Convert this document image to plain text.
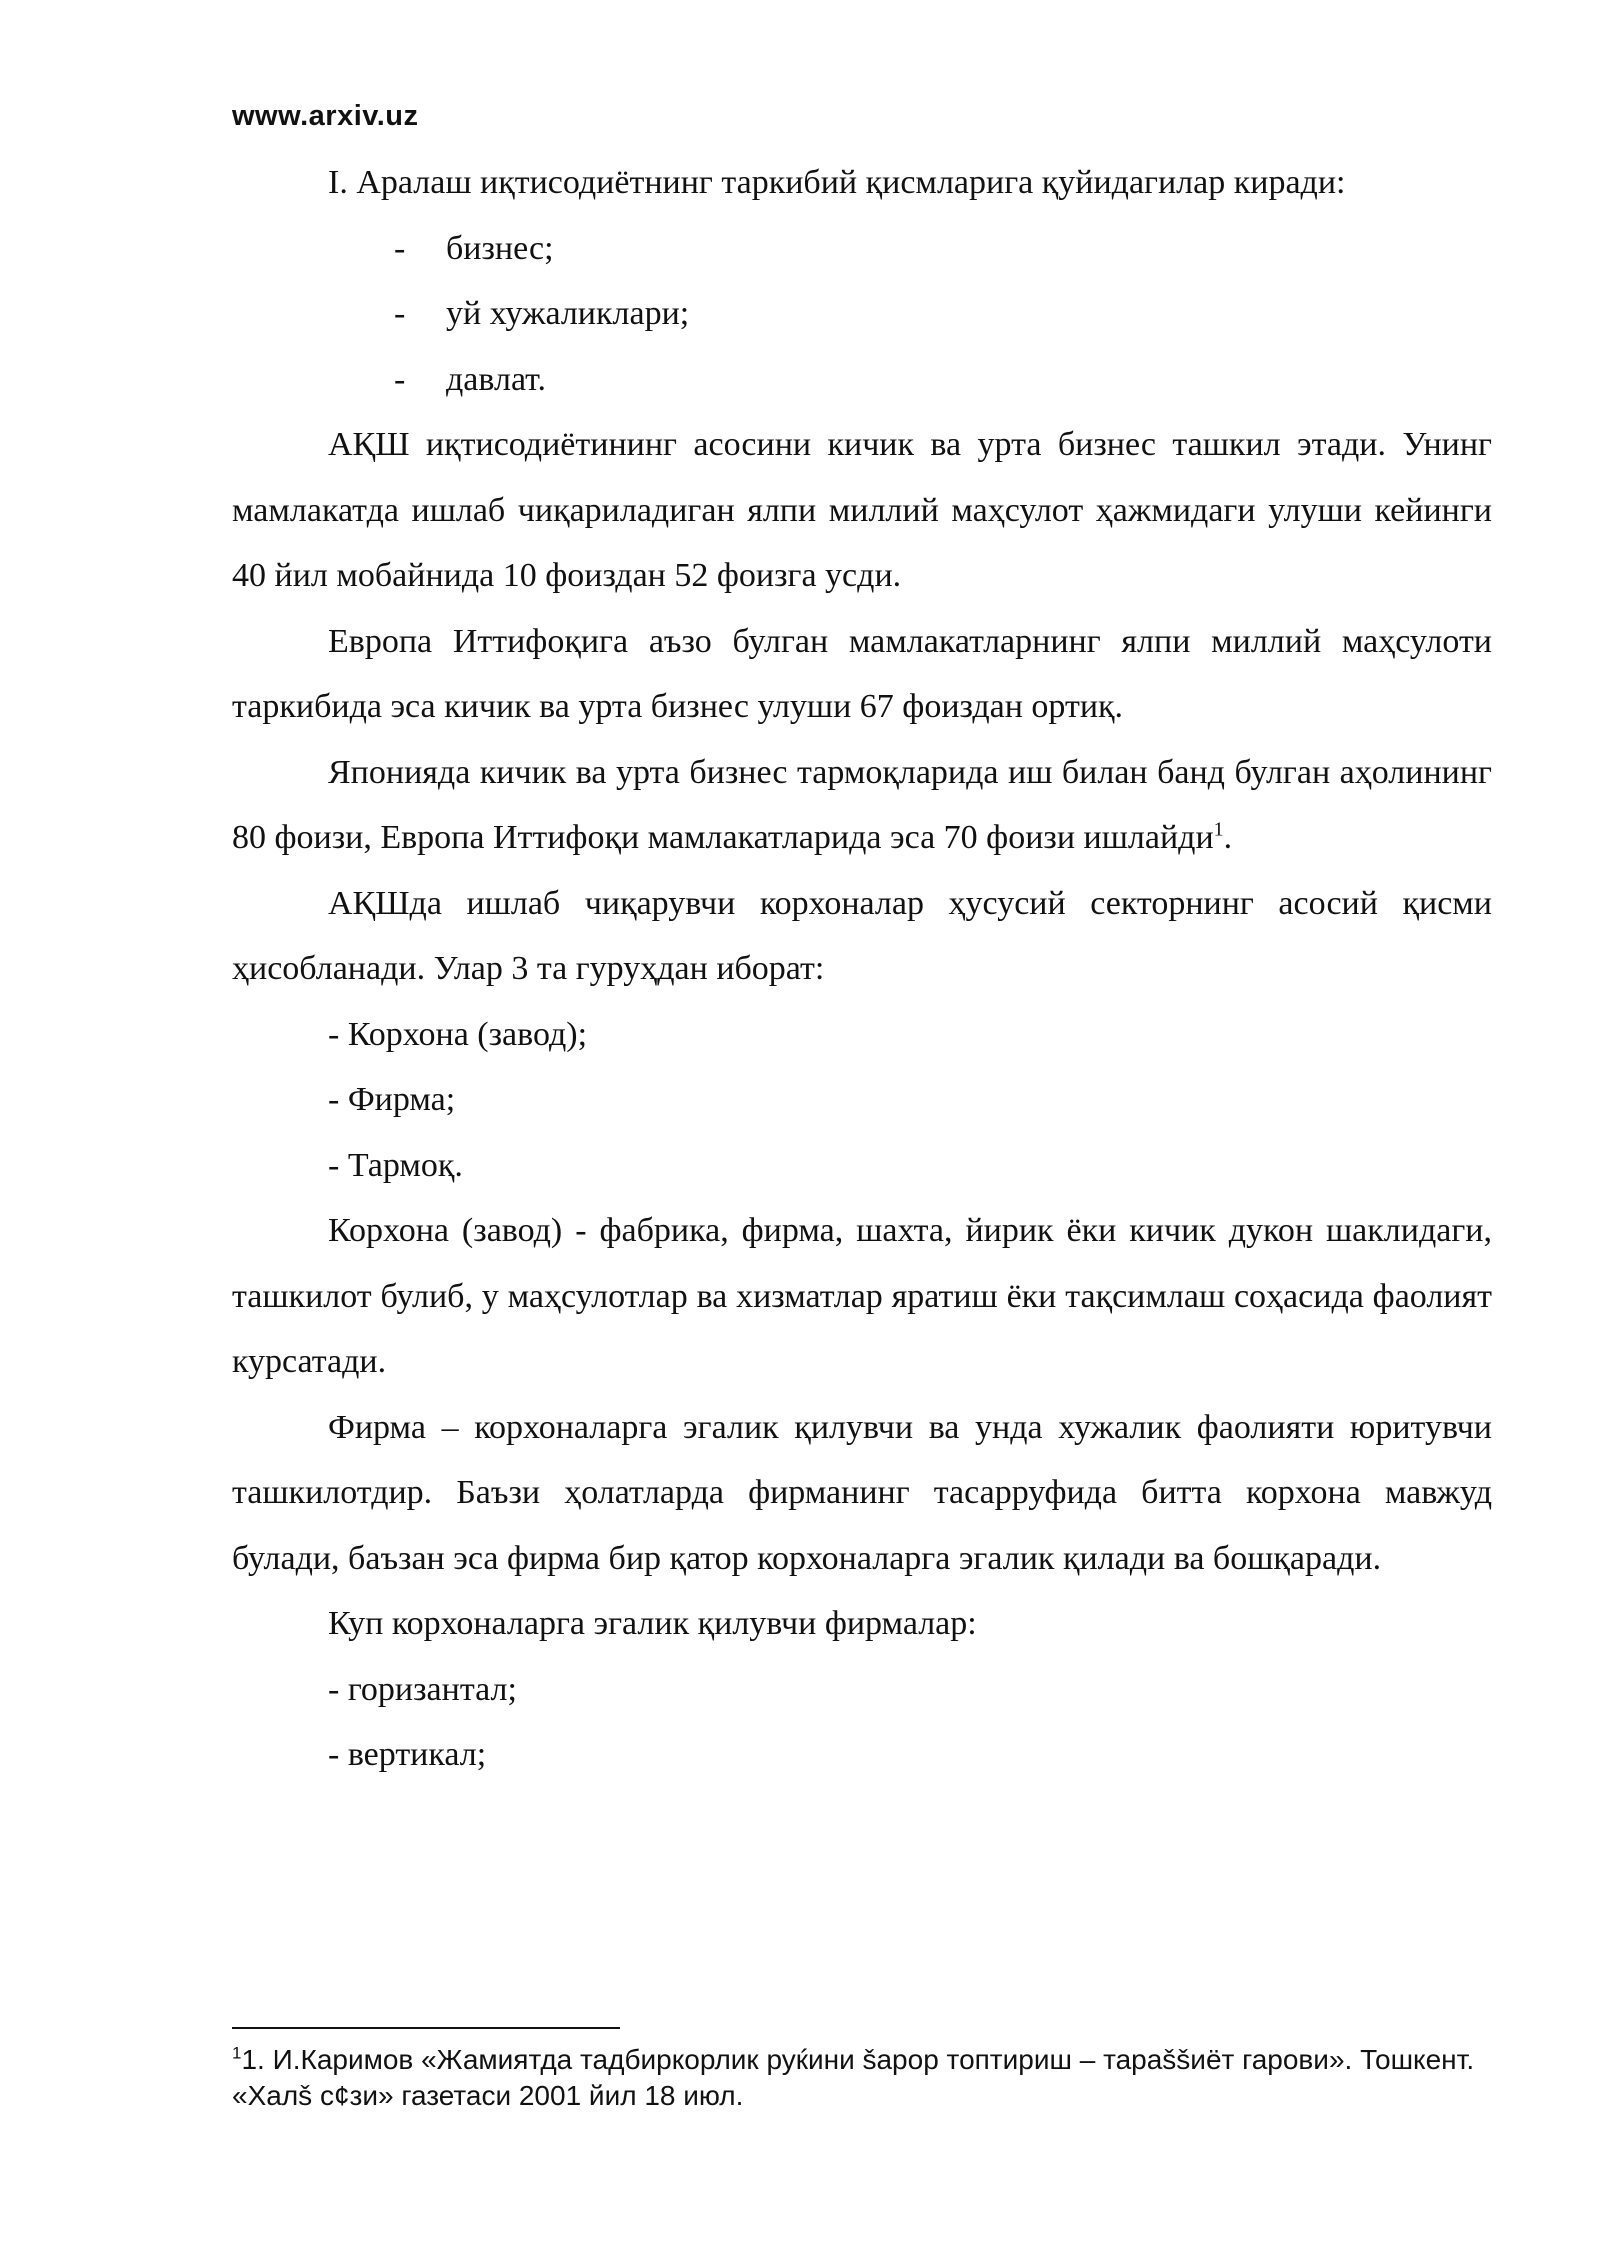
www.arxiv.uz

I. Аралаш иқтисодиётнинг таркибий қисмларига қуйидагилар киради:

- бизнес;

- уй хужаликлари;

- давлат.

АҚШ иқтисодиётининг асосини кичик ва урта бизнес ташкил этади. Унинг мамлакатда ишлаб чиқариладиган ялпи миллий маҳсулот ҳажмидаги улуши кейинги 40 йил мобайнида 10 фоиздан 52 фоизга усди.

Европа Иттифоқига аъзо булган мамлакатларнинг ялпи миллий маҳсулоти таркибида эса кичик ва урта бизнес улуши 67 фоиздан ортиқ.

Японияда кичик ва урта бизнес тармоқларида иш билан банд булган аҳолининг 80 фоизи, Европа Иттифоқи мамлакатларида эса 70 фоизи ишлайди$^1$.

АҚШда ишлаб чиқарувчи корхоналар ҳусусий секторнинг асосий қисми ҳисобланади. Улар 3 та гуруҳдан иборат:

- Корхона (завод);

- Фирма;

- Тармоқ.

Корхона (завод) - фабрика, фирма, шахта, йирик ёки кичик дукон шаклидаги, ташкилот булиб, у маҳсулотлар ва хизматлар яратиш ёки тақсимлаш соҳасида фаолият курсатади.

Фирма – корхоналарга эгалик қилувчи ва унда хужалик фаолияти юритувчи ташкилотдир. Баъзи ҳолатларда фирманинг тасарруфида битта корхона мавжуд булади, баъзан эса фирма бир қатор корхоналарга эгалик қилади ва бошқаради.

Куп корхоналарга эгалик қилувчи фирмалар:

- горизантал;

- вертикал;

$^1$1. И.Каримов «Жамиятда тадбиркорлик руќини šарор топтириш – тараššиёт гарови». Тошкент. «Халš с¢зи» газетаси 2001 йил 18 июл.
